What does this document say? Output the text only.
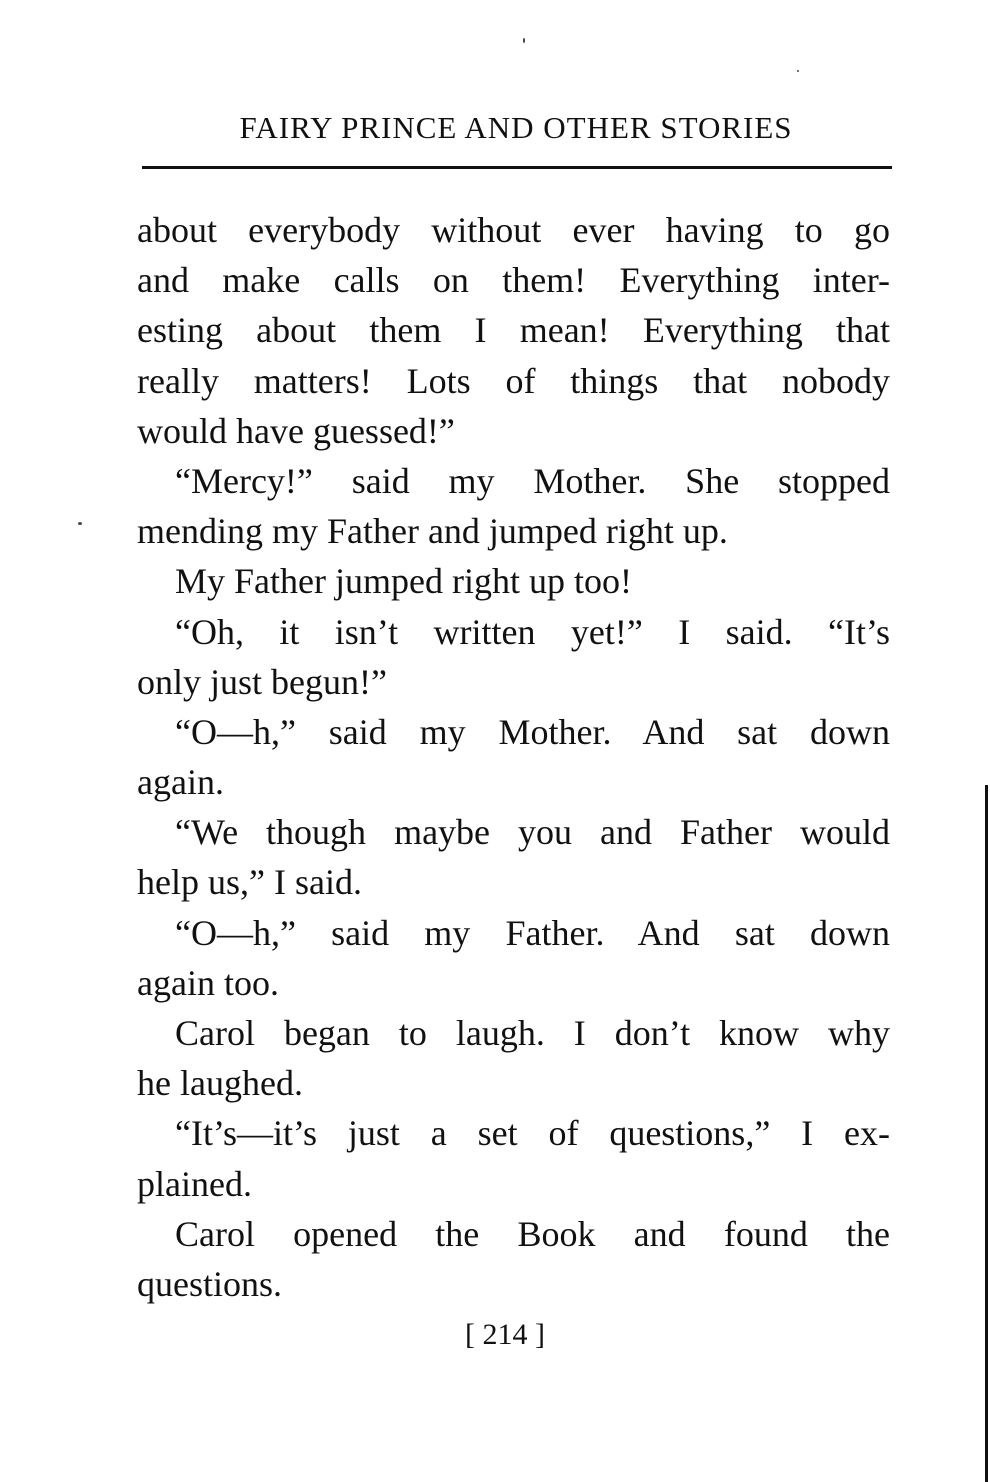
FAIRY PRINCE AND OTHER STORIES
about everybody without ever having to go
and make calls on them! Everything inter-
esting about them I mean! Everything that
really matters! Lots of things that nobody
would have guessed!”
“Mercy!” said my Mother. She stopped
mending my Father and jumped right up.
My Father jumped right up too!
“Oh, it isn’t written yet!” I said. “It’s
only just begun!”
“O—h,” said my Mother. And sat down
again.
“We though maybe you and Father would
help us,” I said.
“O—h,” said my Father. And sat down
again too.
Carol began to laugh. I don’t know why
he laughed.
“It’s—it’s just a set of questions,” I ex-
plained.
Carol opened the Book and found the
questions.
[ 214 ]
